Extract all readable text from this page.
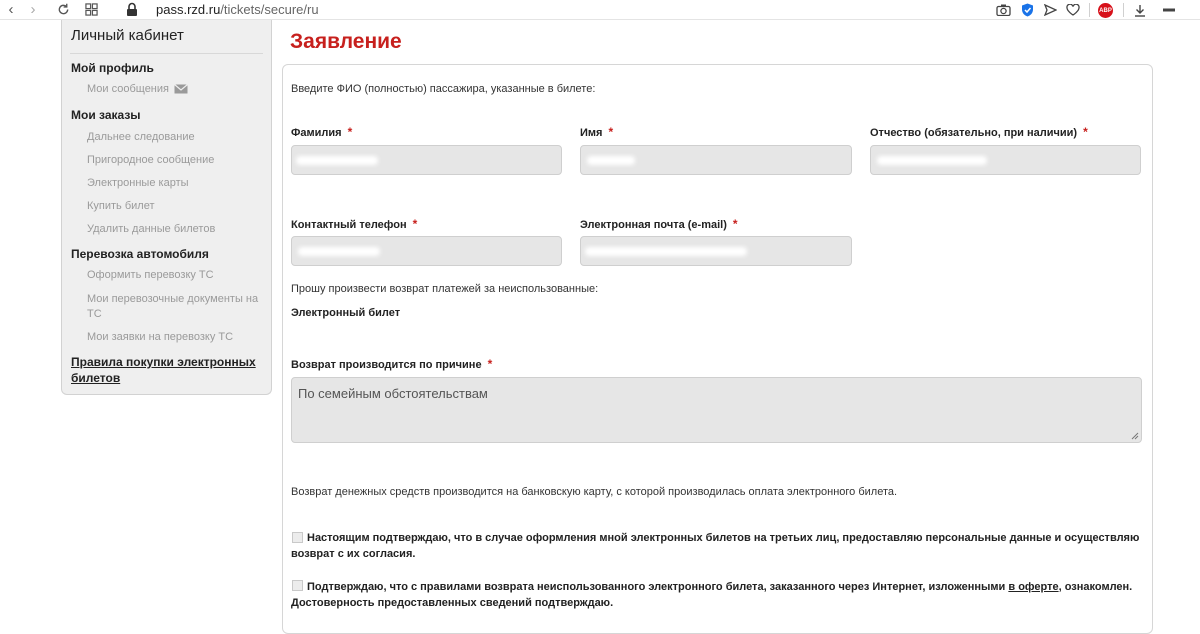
‹	›	pass.rzd.ru/tickets/secure/ru	ABP
Личный кабинет
Мой профиль
Мои сообщения
Мои заказы
Дальнее следование
Пригородное сообщение
Электронные карты
Купить билет
Удалить данные билетов
Перевозка автомобиля
Оформить перевозку ТС
Мои перевозочные документы на ТС
Мои заявки на перевозку ТС
Правила покупки электронных билетов
Заявление
Введите ФИО (полностью) пассажира, указанные в билете:
Фамилия *	Имя *	Отчество (обязательно, при наличии) *
Контактный телефон *	Электронная почта (e-mail) *
Прошу произвести возврат платежей за неиспользованные:
Электронный билет
Возврат производится по причине *
По семейным обстоятельствам
Возврат денежных средств производится на банковскую карту, с которой производилась оплата электронного билета.
Настоящим подтверждаю, что в случае оформления мной электронных билетов на третьих лиц, предоставляю персональные данные и осуществляю возврат с их согласия.
Подтверждаю, что с правилами возврата неиспользованного электронного билета, заказанного через Интернет, изложенными в оферте, ознакомлен. Достоверность предоставленных сведений подтверждаю.
